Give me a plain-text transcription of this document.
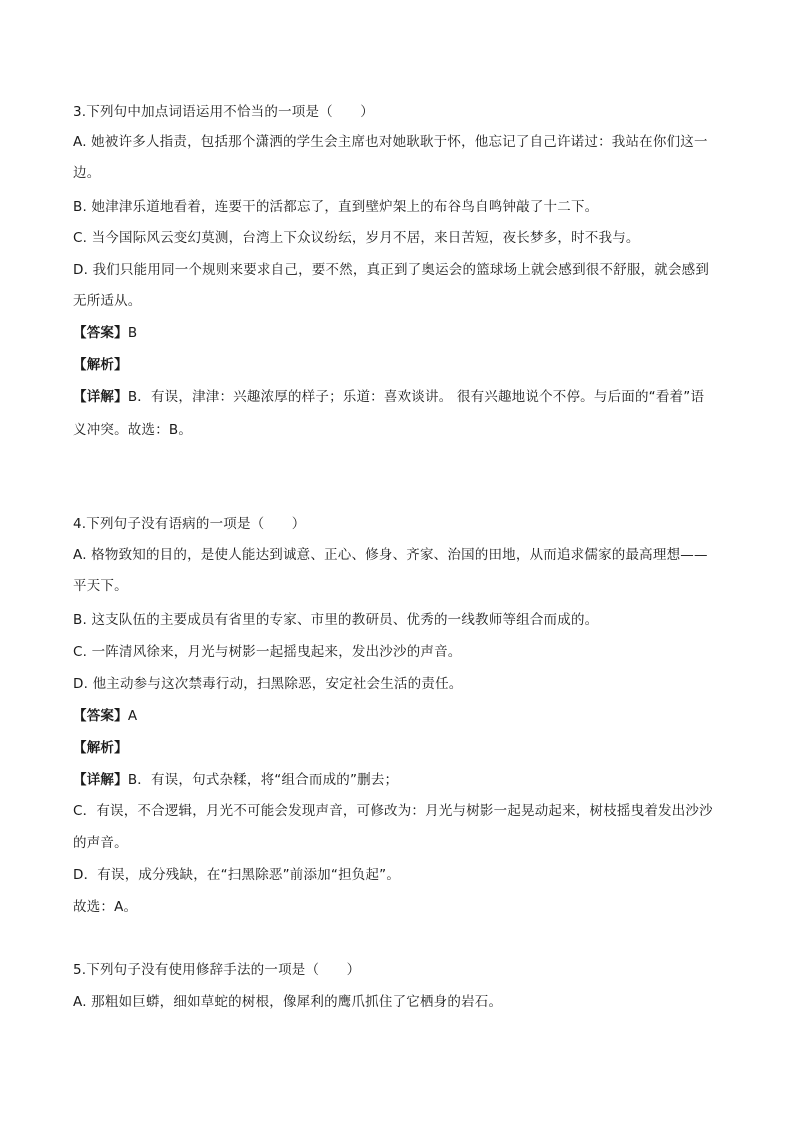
3.下列句中加点词语运用不恰当的一项是（　　）
A. 她被许多人指责，包括那个潇洒的学生会主席也对她耿耿于怀，他忘记了自己许诺过：我站在你们这一
边。
B. 她津津乐道地看着，连要干的活都忘了，直到壁炉架上的布谷鸟自鸣钟敲了十二下。
C. 当今国际风云变幻莫测，台湾上下众议纷纭，岁月不居，来日苦短，夜长梦多，时不我与。
D. 我们只能用同一个规则来要求自己，要不然，真正到了奥运会的篮球场上就会感到很不舒服，就会感到
无所适从。
【答案】B
【解析】
【详解】B．有误，津津：兴趣浓厚的样子；乐道：喜欢谈讲。 很有兴趣地说个不停。与后面的“看着”语
义冲突。故选：B。
4.下列句子没有语病的一项是（　　）
A. 格物致知的目的，是使人能达到诚意、正心、修身、齐家、治国的田地，从而追求儒家的最高理想——
平天下。
B. 这支队伍的主要成员有省里的专家、市里的教研员、优秀的一线教师等组合而成的。
C. 一阵清风徐来，月光与树影一起摇曳起来，发出沙沙的声音。
D. 他主动参与这次禁毒行动，扫黑除恶，安定社会生活的责任。
【答案】A
【解析】
【详解】B．有误，句式杂糅，将“组合而成的”删去；
C．有误，不合逻辑，月光不可能会发现声音，可修改为：月光与树影一起晃动起来，树枝摇曳着发出沙沙
的声音。
D．有误，成分残缺，在“扫黑除恶”前添加“担负起”。
故选：A。
5.下列句子没有使用修辞手法的一项是（　　）
A. 那粗如巨蟒，细如草蛇的树根，像犀利的鹰爪抓住了它栖身的岩石。
